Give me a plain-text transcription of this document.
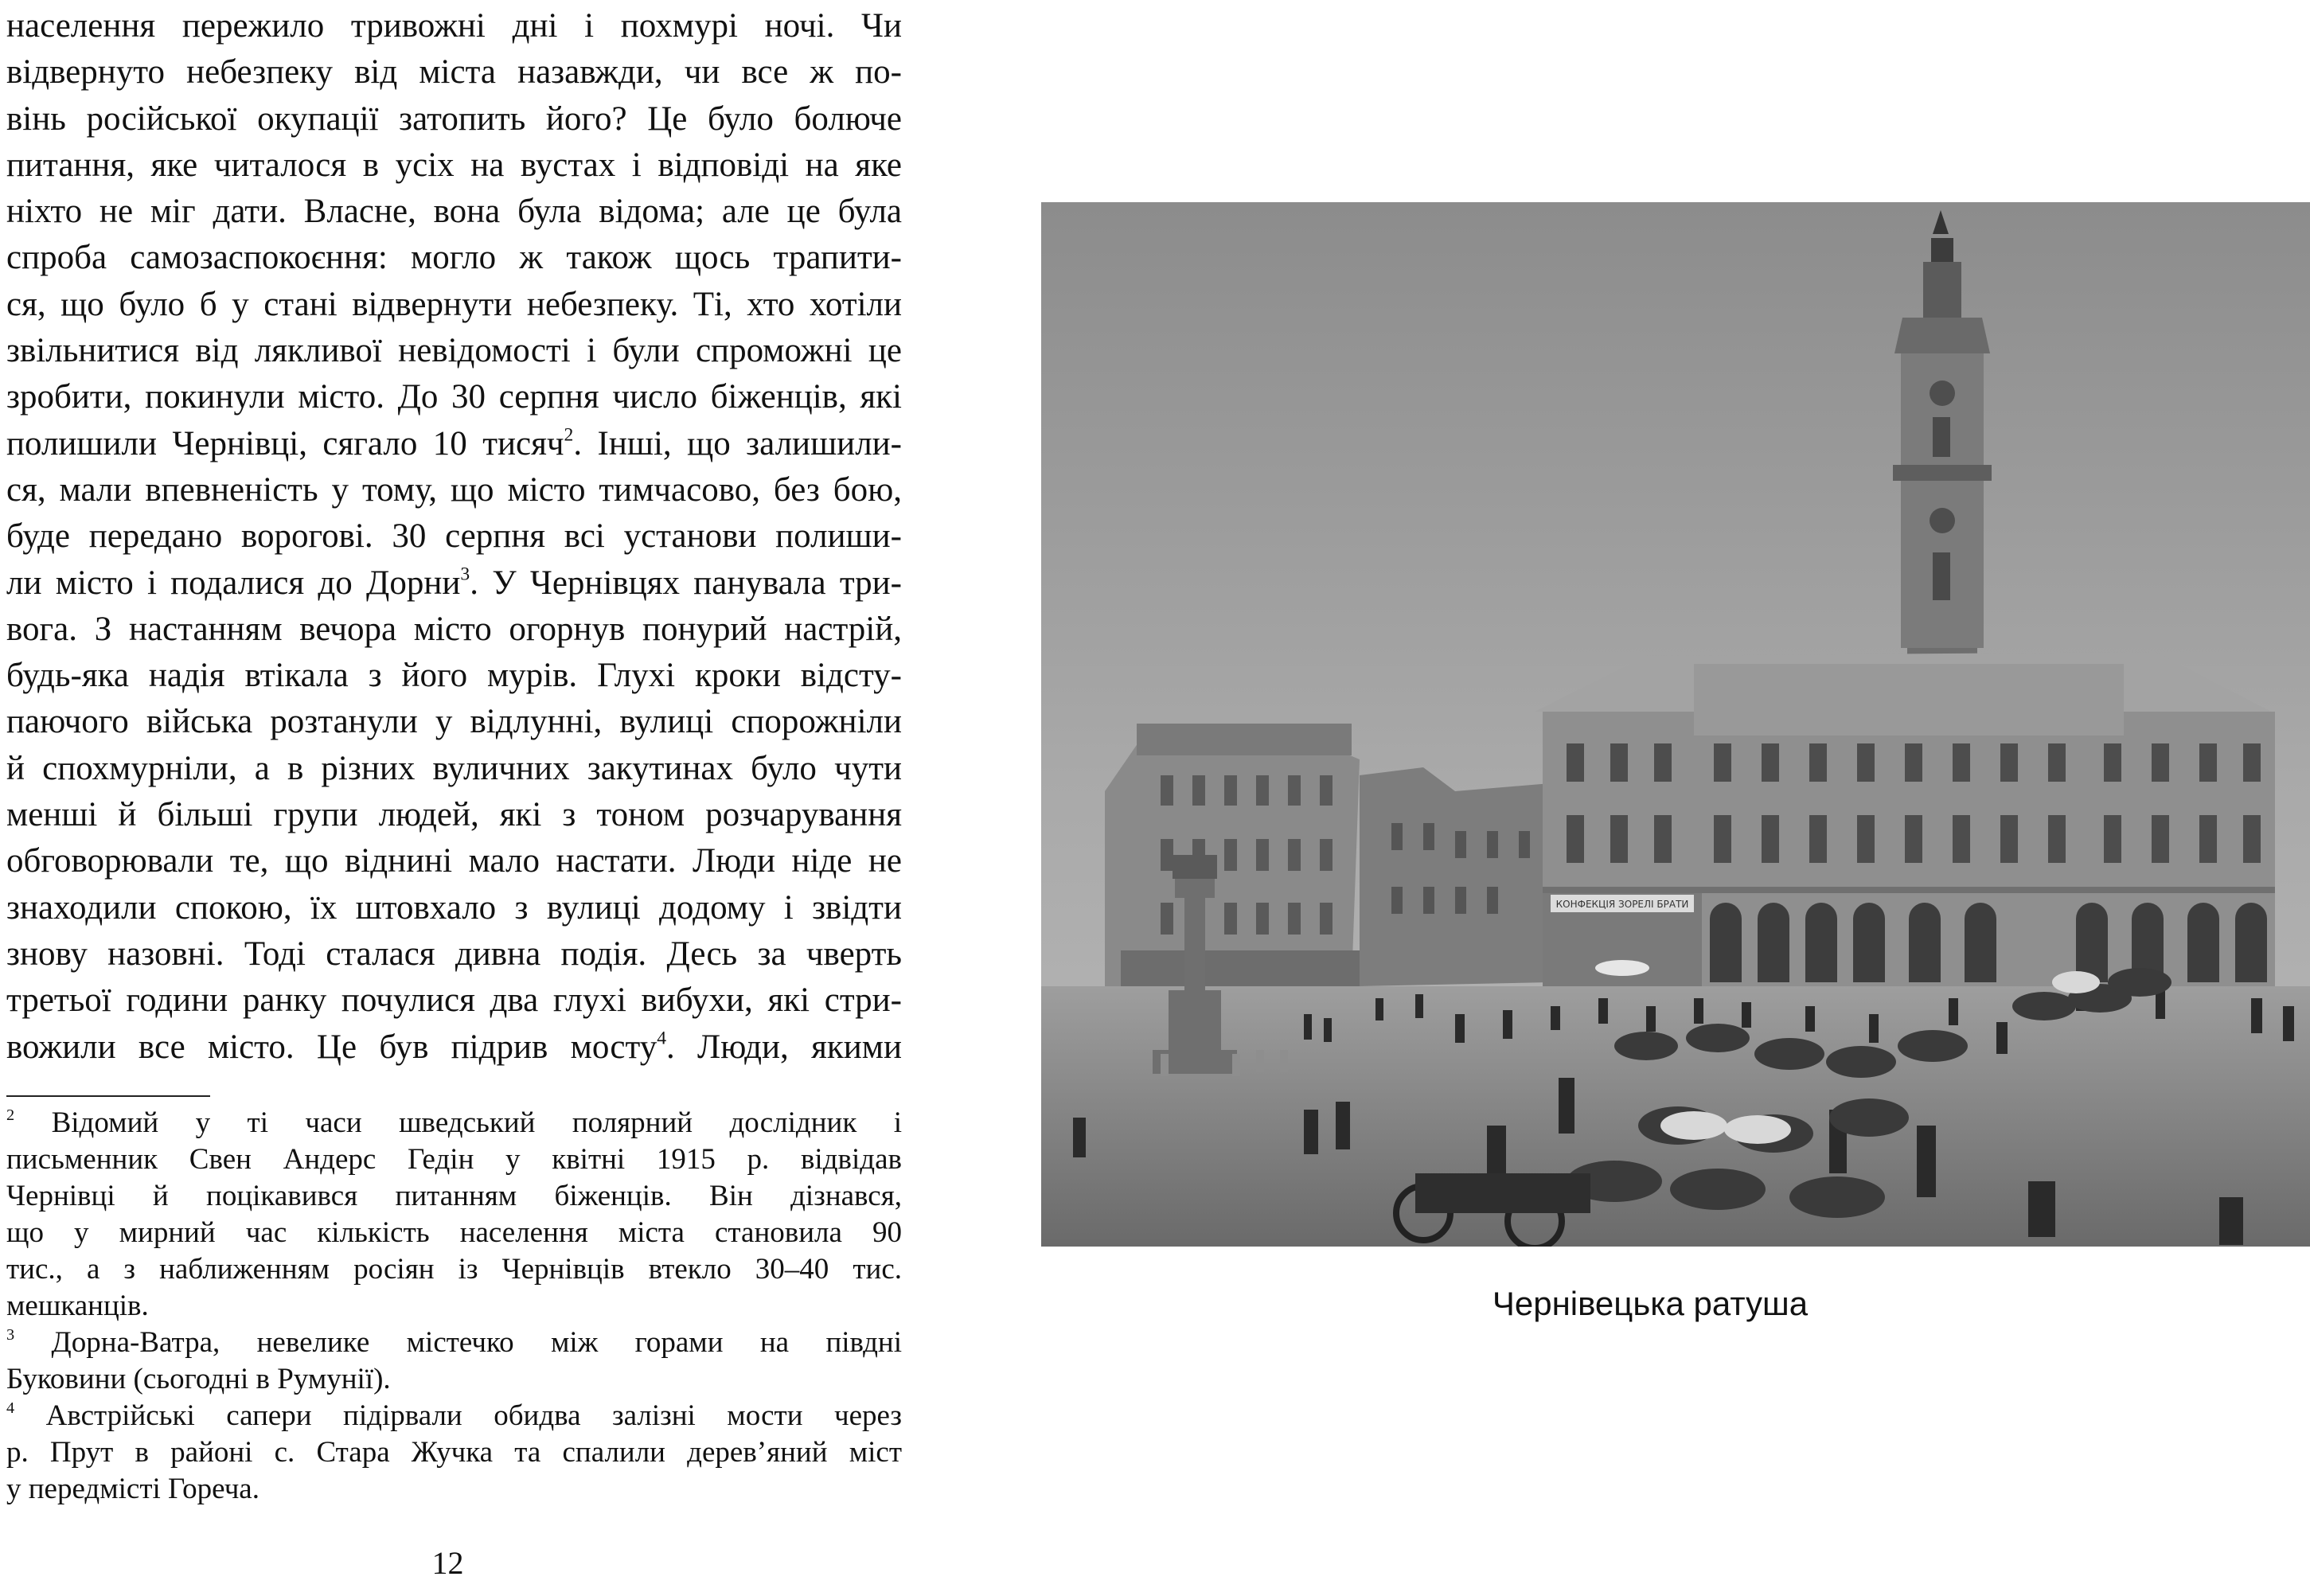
населення пережило тривожні дні і похмурі ночі. Чи
відвернуто небезпеку від міста назавжди, чи все ж по-
вінь російської окупації затопить його? Це було болюче
питання, яке читалося в усіх на вустах і відповіді на яке
ніхто не міг дати. Власне, вона була відома; але це була
спроба самозаспокоєння: могло ж також щось трапити-
ся, що було б у стані відвернути небезпеку. Ті, хто хотіли
звільнитися від лякливої невідомості і були спроможні це
зробити, покинули місто. До 30 серпня число біженців, які
полишили Чернівці, сягало 10 тисяч$^2$. Інші, що залишили-
ся, мали впевненість у тому, що місто тимчасово, без бою,
буде передано ворогові. 30 серпня всі установи полиши-
ли місто і подалися до Дорни$^3$. У Чернівцях панувала три-
вога. З настанням вечора місто огорнув понурий настрій,
будь-яка надія втікала з його мурів. Глухі кроки відсту-
паючого війська розтанули у відлунні, вулиці спорожніли
й спохмурніли, а в різних вуличних закутинах було чути
менші й більші групи людей, які з тоном розчарування
обговорювали те, що віднині мало настати. Люди ніде не
знаходили спокою, їх штовхало з вулиці додому і звідти
знову назовні. Тоді сталася дивна подія. Десь за чверть
третьої години ранку почулися два глухі вибухи, які стри-
вожили все місто. Це був підрив мосту$^4$. Люди, якими

$^2$ Відомий у ті часи шведський полярний дослідник і
письменник Свен Андерс Гедін у квітні 1915 р. відвідав
Чернівці й поцікавився питанням біженців. Він дізнався,
що у мирний час кількість населення міста становила 90
тис., а з наближенням росіян із Чернівців втекло 30–40 тис.
мешканців.
$^3$ Дорна-Ватра, невелике містечко між горами на півдні
Буковини (сьогодні в Румунії).
$^4$ Австрійські сапери підірвали обидва залізні мости через
р. Прут в районі с. Стара Жучка та спалили дерев’яний міст
у передмісті Гореча.
12
КОНФЕКЦІЯ ЗОРЕЛІ БРАТИ
Чернівецька ратуша
